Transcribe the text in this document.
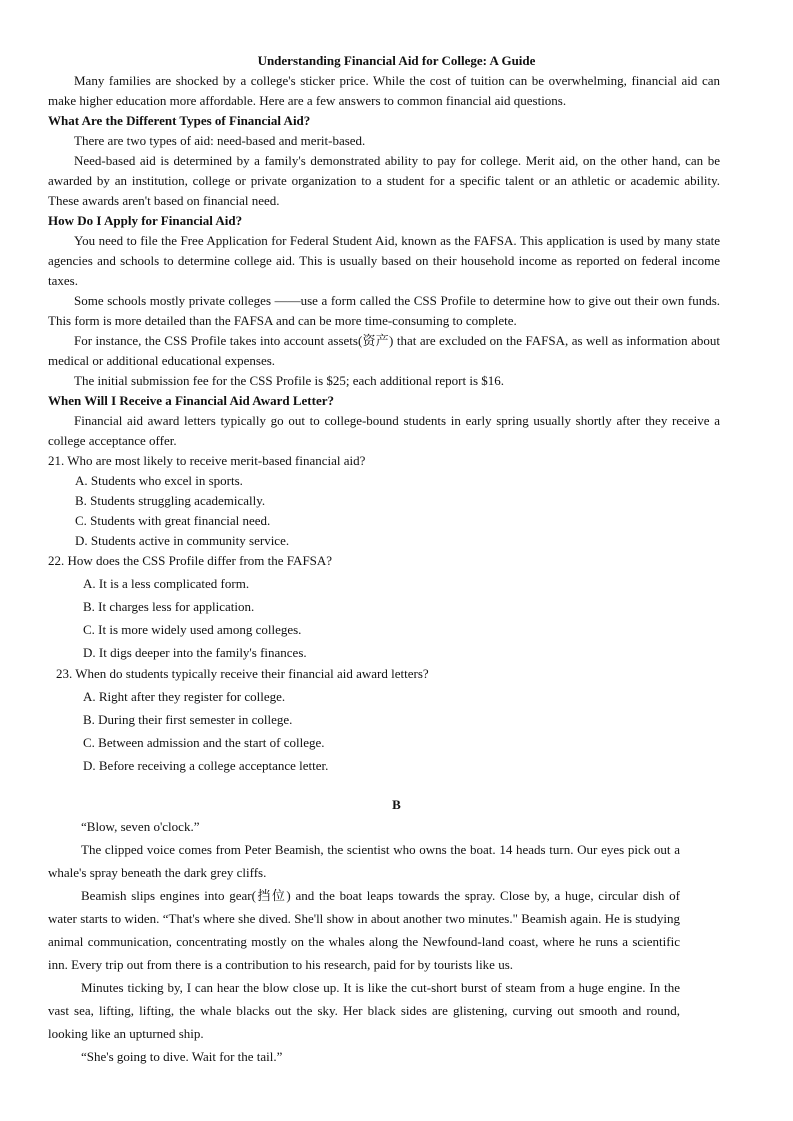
Understanding Financial Aid for College: A Guide

Many families are shocked by a college's sticker price. While the cost of tuition can be overwhelming, financial aid can make higher education more affordable. Here are a few answers to common financial aid questions.

What Are the Different Types of Financial Aid?

There are two types of aid: need-based and merit-based.

Need-based aid is determined by a family's demonstrated ability to pay for college. Merit aid, on the other hand, can be awarded by an institution, college or private organization to a student for a specific talent or an athletic or academic ability. These awards aren't based on financial need.

How Do I Apply for Financial Aid?

You need to file the Free Application for Federal Student Aid, known as the FAFSA. This application is used by many state agencies and schools to determine college aid. This is usually based on their household income as reported on federal income taxes.

Some schools mostly private colleges ——use a form called the CSS Profile to determine how to give out their own funds. This form is more detailed than the FAFSA and can be more time-consuming to complete.

For instance, the CSS Profile takes into account assets(资产) that are excluded on the FAFSA, as well as information about medical or additional educational expenses.

The initial submission fee for the CSS Profile is $25; each additional report is $16.

When Will I Receive a Financial Aid Award Letter?

Financial aid award letters typically go out to college-bound students in early spring usually shortly after they receive a college acceptance offer.

21. Who are most likely to receive merit-based financial aid?

A. Students who excel in sports.

B. Students struggling academically.

C. Students with great financial need.

D. Students active in community service.

22. How does the CSS Profile differ from the FAFSA?

A. It is a less complicated form.

B. It charges less for application.

C. It is more widely used among colleges.

D. It digs deeper into the family's finances.

23. When do students typically receive their financial aid award letters?

A. Right after they register for college.

B. During their first semester in college.

C. Between admission and the start of college.

D. Before receiving a college acceptance letter.

B

“Blow, seven o'clock.”

The clipped voice comes from Peter Beamish, the scientist who owns the boat. 14 heads turn. Our eyes pick out a whale's spray beneath the dark grey cliffs.

Beamish slips engines into gear(挡位) and the boat leaps towards the spray. Close by, a huge, circular dish of water starts to widen. “That's where she dived. She'll show in about another two minutes." Beamish again. He is studying animal communication, concentrating mostly on the whales along the Newfound-land coast, where he runs a scientific inn. Every trip out from there is a contribution to his research, paid for by tourists like us.

Minutes ticking by, I can hear the blow close up. It is like the cut-short burst of steam from a huge engine. In the vast sea, lifting, lifting, the whale blacks out the sky. Her black sides are glistening, curving out smooth and round, looking like an upturned ship.

“She's going to dive. Wait for the tail.”
